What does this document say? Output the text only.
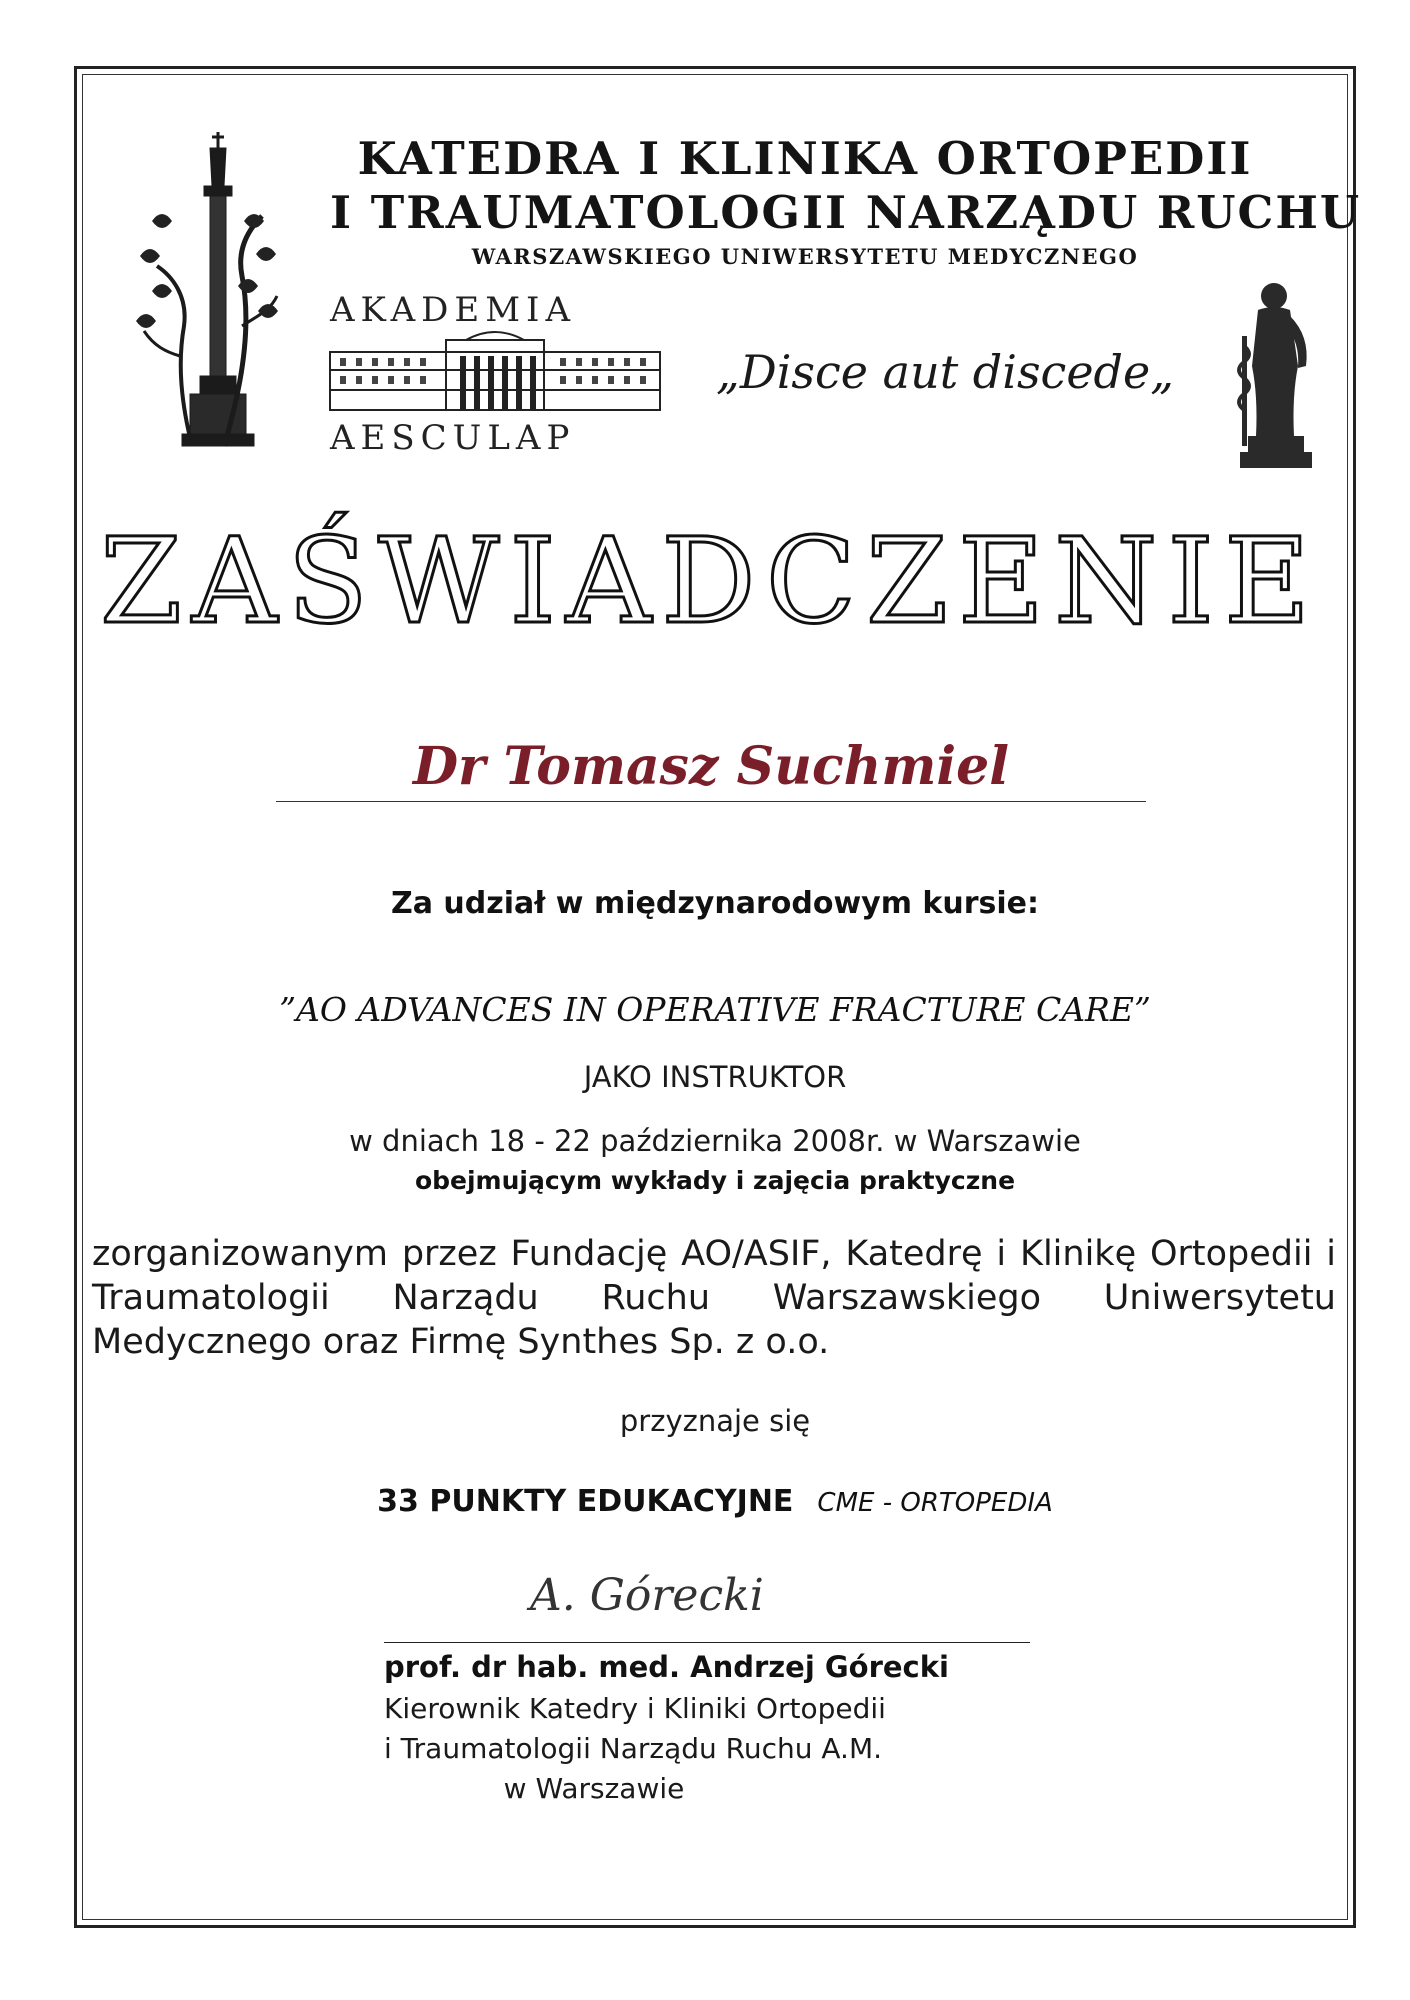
KATEDRA I KLINIKA ORTOPEDII
I TRAUMATOLOGII NARZĄDU RUCHU
WARSZAWSKIEGO UNIWERSYTETU MEDYCZNEGO
AKADEMIA
AESCULAP
„Disce aut discede„
ZAŚWIADCZENIE
Dr Tomasz Suchmiel
Za udział w międzynarodowym kursie:
”AO ADVANCES IN OPERATIVE FRACTURE CARE”
JAKO INSTRUKTOR
w dniach 18 - 22 października 2008r. w Warszawie
obejmującym wykłady i zajęcia praktyczne
zorganizowanym przez Fundację AO/ASIF, Katedrę i Klinikę Ortopedii i Traumatologii Narządu Ruchu Warszawskiego Uniwersytetu Medycznego oraz Firmę Synthes Sp. z o.o.
przyznaje się
33 PUNKTY EDUKACYJNE CME - ORTOPEDIA
A. Górecki
prof. dr hab. med. Andrzej Górecki
Kierownik Katedry i Kliniki Ortopedii
i Traumatologii Narządu Ruchu A.M.
w Warszawie
